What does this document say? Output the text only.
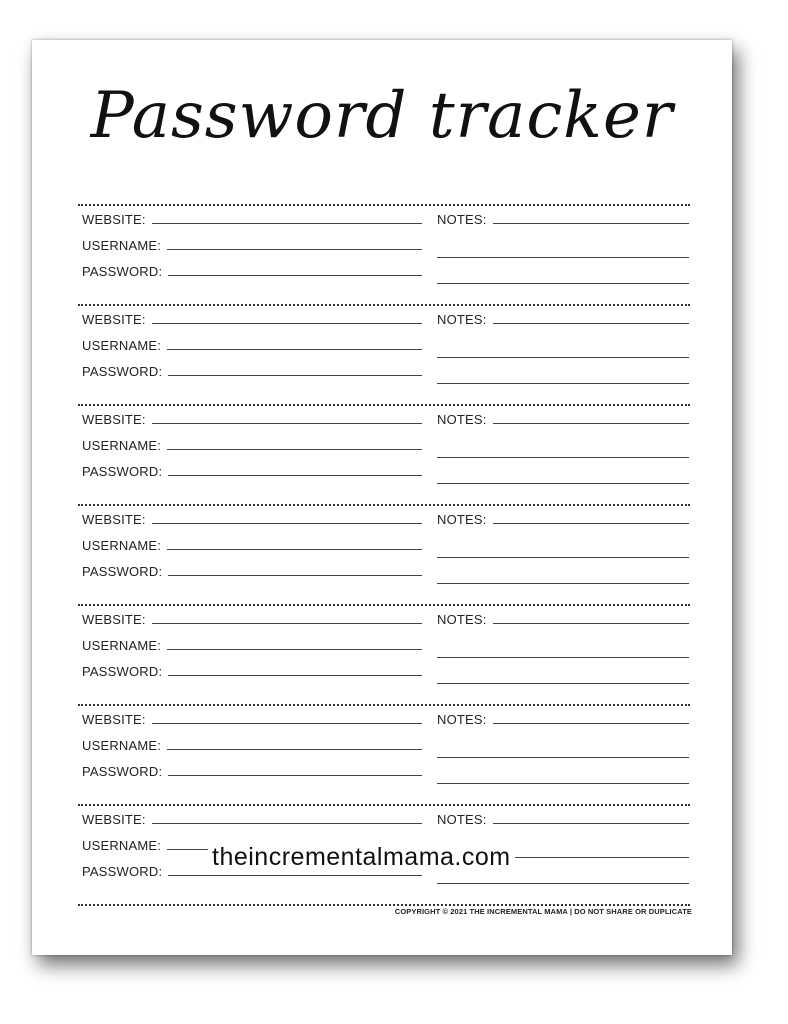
Password tracker
WEBSITE:
USERNAME:
PASSWORD:
NOTES:
WEBSITE:
USERNAME:
PASSWORD:
NOTES:
WEBSITE:
USERNAME:
PASSWORD:
NOTES:
WEBSITE:
USERNAME:
PASSWORD:
NOTES:
WEBSITE:
USERNAME:
PASSWORD:
NOTES:
WEBSITE:
USERNAME:
PASSWORD:
NOTES:
WEBSITE:
USERNAME:
PASSWORD:
NOTES:
theincrementalmama.com
COPYRIGHT © 2021 THE INCREMENTAL MAMA | DO NOT SHARE OR DUPLICATE
